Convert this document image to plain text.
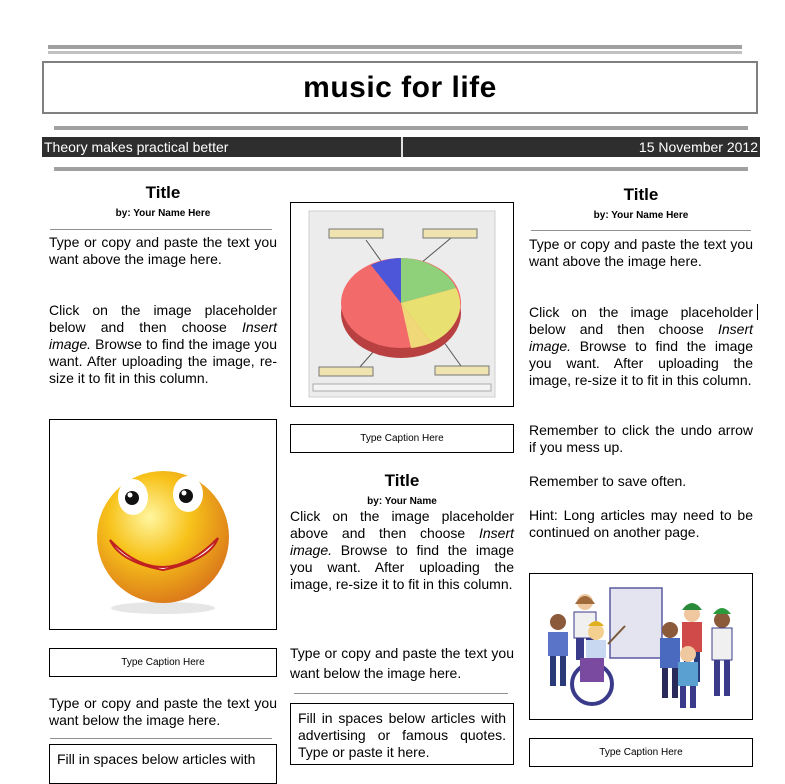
music for life
Theory makes practical better	15 November 2012
Title
by: Your Name Here
Type or copy and paste the text you want above the image here.
Click on the image placeholder below and then choose Insert image. Browse to find the image you want. After uploading the image, re-size it to fit in this column.
Type Caption Here
Type or copy and paste the text you want below the image here.
Fill in spaces below articles with
Type Caption Here
Title
by: Your Name
Click on the image placeholder above and then choose Insert image. Browse to find the image you want. After uploading the image, re-size it to fit in this column.
Type or copy and paste the text you want below the image here.
Fill in spaces below articles with advertising or famous quotes. Type or paste it here.
Title
by: Your Name Here
Type or copy and paste the text you want above the image here.
Click on the image placeholder below and then choose Insert image. Browse to find the image you want. After uploading the image, re-size it to fit in this column.
Remember to click the undo arrow if you mess up.
Remember to save often.
Hint: Long articles may need to be continued on another page.
Type Caption Here
